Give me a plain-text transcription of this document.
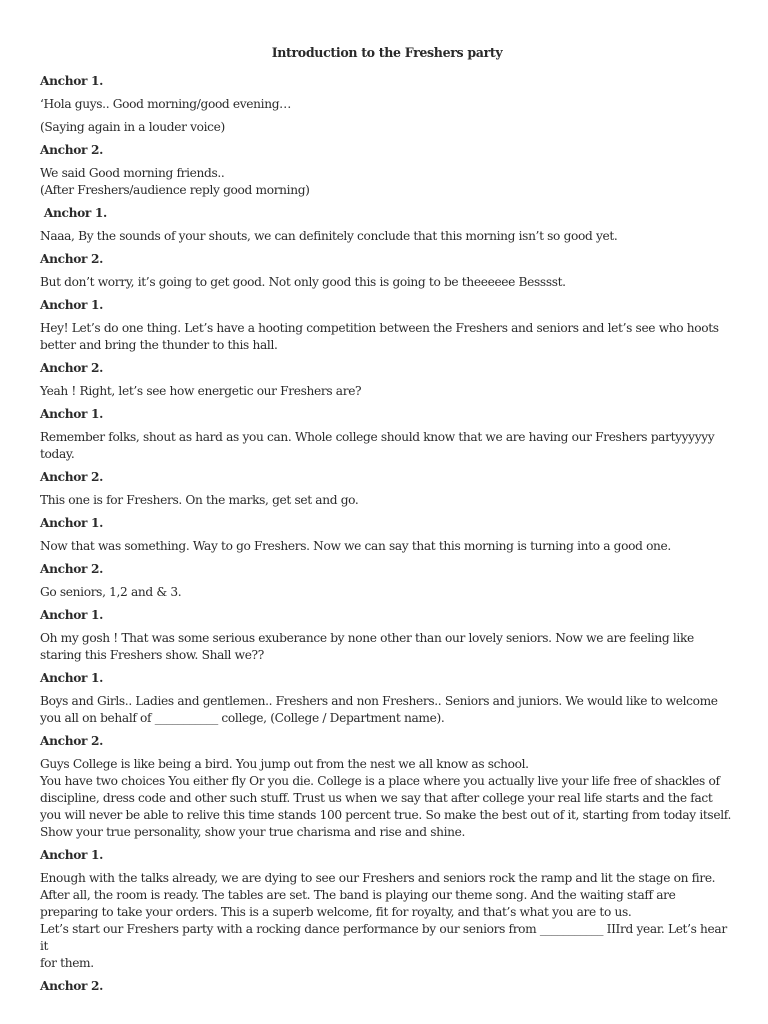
Introduction to the Freshers party
Anchor 1.
‘Hola guys.. Good morning/good evening…
(Saying again in a louder voice)
Anchor 2.
We said Good morning friends..
(After Freshers/audience reply good morning)
Anchor 1.
Naaa, By the sounds of your shouts, we can definitely conclude that this morning isn’t so good yet.
Anchor 2.
But don’t worry, it’s going to get good. Not only good this is going to be theeeeee Besssst.
Anchor 1.
Hey! Let’s do one thing. Let’s have a hooting competition between the Freshers and seniors and let’s see who hoots
better and bring the thunder to this hall.
Anchor 2.
Yeah ! Right, let’s see how energetic our Freshers are?
Anchor 1.
Remember folks, shout as hard as you can. Whole college should know that we are having our Freshers partyyyyyy
today.
Anchor 2.
This one is for Freshers. On the marks, get set and go.
Anchor 1.
Now that was something. Way to go Freshers. Now we can say that this morning is turning into a good one.
Anchor 2.
Go seniors, 1,2 and & 3.
Anchor 1.
Oh my gosh ! That was some serious exuberance by none other than our lovely seniors. Now we are feeling like
staring this Freshers show. Shall we??
Anchor 1.
Boys and Girls.. Ladies and gentlemen.. Freshers and non Freshers.. Seniors and juniors. We would like to welcome
you all on behalf of ___________ college, (College / Department name).
Anchor 2.
Guys College is like being a bird. You jump out from the nest we all know as school.
You have two choices You either fly Or you die. College is a place where you actually live your life free of shackles of
discipline, dress code and other such stuff. Trust us when we say that after college your real life starts and the fact
you will never be able to relive this time stands 100 percent true. So make the best out of it, starting from today itself.
Show your true personality, show your true charisma and rise and shine.
Anchor 1.
Enough with the talks already, we are dying to see our Freshers and seniors rock the ramp and lit the stage on fire.
After all, the room is ready. The tables are set. The band is playing our theme song. And the waiting staff are
preparing to take your orders. This is a superb welcome, fit for royalty, and that’s what you are to us.
Let’s start our Freshers party with a rocking dance performance by our seniors from ___________ IIIrd year. Let’s hear it
for them.
Anchor 2.
